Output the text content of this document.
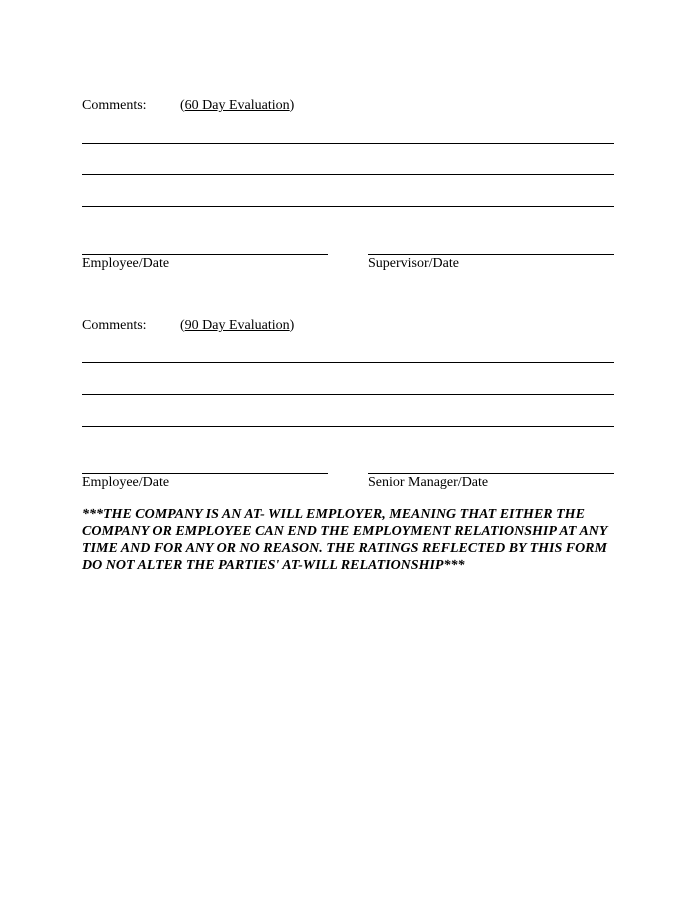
Comments: (60 Day Evaluation)
Employee/Date	Supervisor/Date
Comments: (90 Day Evaluation)
Employee/Date	Senior Manager/Date
***THE COMPANY IS AN AT- WILL EMPLOYER, MEANING THAT EITHER THE COMPANY OR EMPLOYEE CAN END THE EMPLOYMENT RELATIONSHIP AT ANY TIME AND FOR ANY OR NO REASON. THE RATINGS REFLECTED BY THIS FORM DO NOT ALTER THE PARTIES' AT-WILL RELATIONSHIP***
